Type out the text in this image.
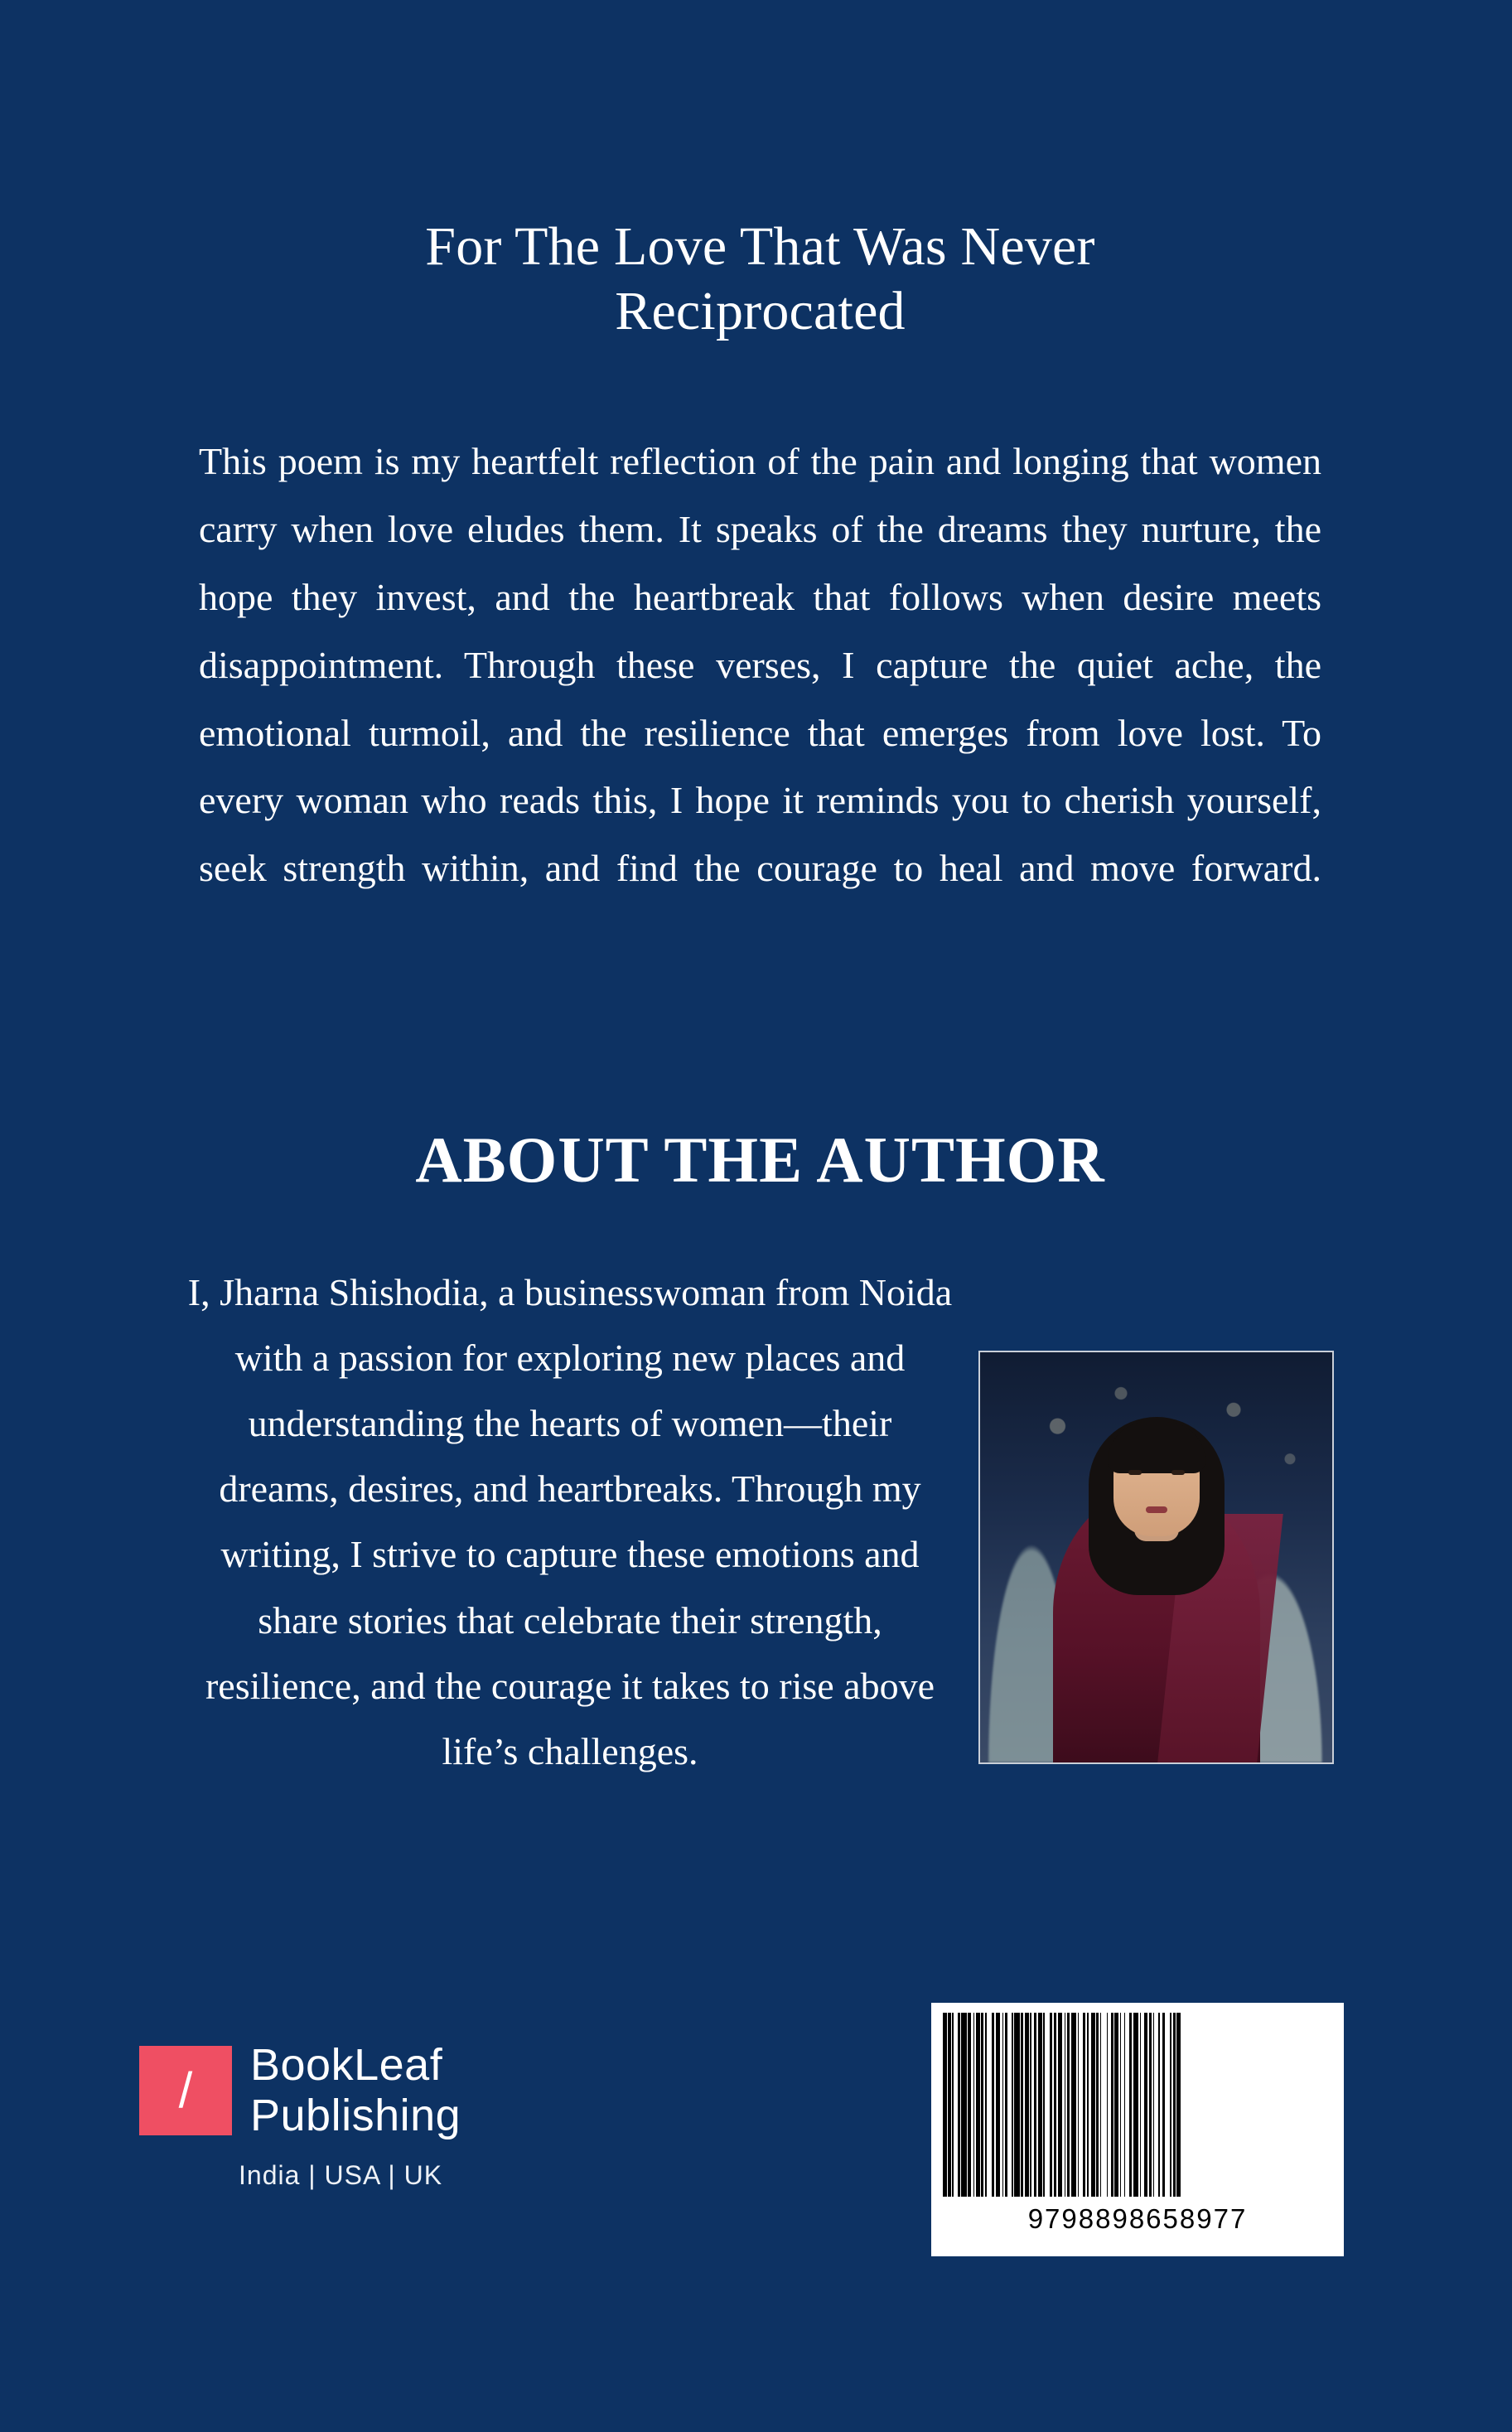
For The Love That Was Never Reciprocated

This poem is my heartfelt reflection of the pain and longing that women carry when love eludes them. It speaks of the dreams they nurture, the hope they invest, and the heartbreak that follows when desire meets disappointment. Through these verses, I capture the quiet ache, the emotional turmoil, and the resilience that emerges from love lost. To every woman who reads this, I hope it reminds you to cherish yourself, seek strength within, and find the courage to heal and move forward.

ABOUT THE AUTHOR
I, Jharna Shishodia, a businesswoman from Noida with a passion for exploring new places and understanding the hearts of women—their dreams, desires, and heartbreaks. Through my writing, I strive to capture these emotions and share stories that celebrate their strength, resilience, and the courage it takes to rise above life’s challenges.
/ BookLeaf
Publishing
India | USA | UK
9798898658977
